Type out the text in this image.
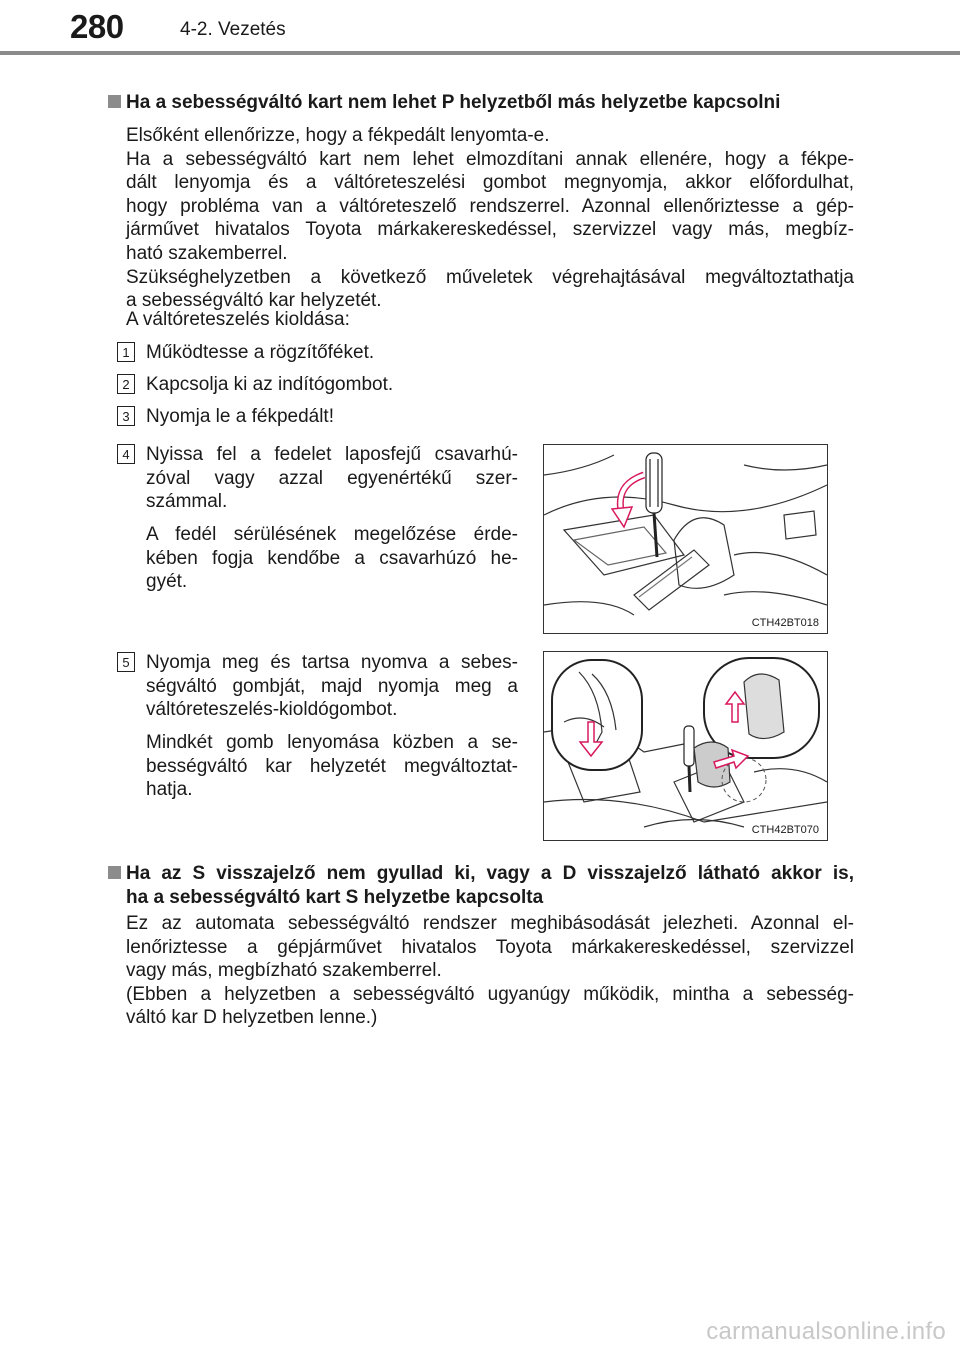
280	4-2. Vezetés
Ha a sebességváltó kart nem lehet P helyzetből más helyzetbe kapcsolni
Elsőként ellenőrizze, hogy a fékpedált lenyomta-e.
Ha a sebességváltó kart nem lehet elmozdítani annak ellenére, hogy a fékpe-
dált lenyomja és a váltóreteszelési gombot megnyomja, akkor előfordulhat,
hogy probléma van a váltóreteszelő rendszerrel. Azonnal ellenőriztesse a gép-
járművet hivatalos Toyota márkakereskedéssel, szervizzel vagy más, megbíz-
ható szakemberrel.
Szükséghelyzetben a következő műveletek végrehajtásával megváltoztathatja
a sebességváltó kar helyzetét.
A váltóreteszelés kioldása:
1 Működtesse a rögzítőféket.
2 Kapcsolja ki az indítógombot.
3 Nyomja le a fékpedált!
4 Nyissa fel a fedelet laposfejű csavarhú-
zóval vagy azzal egyenértékű szer-
számmal.
A fedél sérülésének megelőzése érde-
kében fogja kendőbe a csavarhúzó he-
gyét.
CTH42BT018
5 Nyomja meg és tartsa nyomva a sebes-
ségváltó gombját, majd nyomja meg a
váltóreteszelés-kioldógombot.
Mindkét gomb lenyomása közben a se-
bességváltó kar helyzetét megváltoztat-
hatja.
CTH42BT070
Ha az S visszajelző nem gyullad ki, vagy a D visszajelző látható akkor is,
ha a sebességváltó kart S helyzetbe kapcsolta
Ez az automata sebességváltó rendszer meghibásodását jelezheti. Azonnal el-
lenőriztesse a gépjárművet hivatalos Toyota márkakereskedéssel, szervizzel
vagy más, megbízható szakemberrel.
(Ebben a helyzetben a sebességváltó ugyanúgy működik, mintha a sebesség-
váltó kar D helyzetben lenne.)
carmanualsonline.info
